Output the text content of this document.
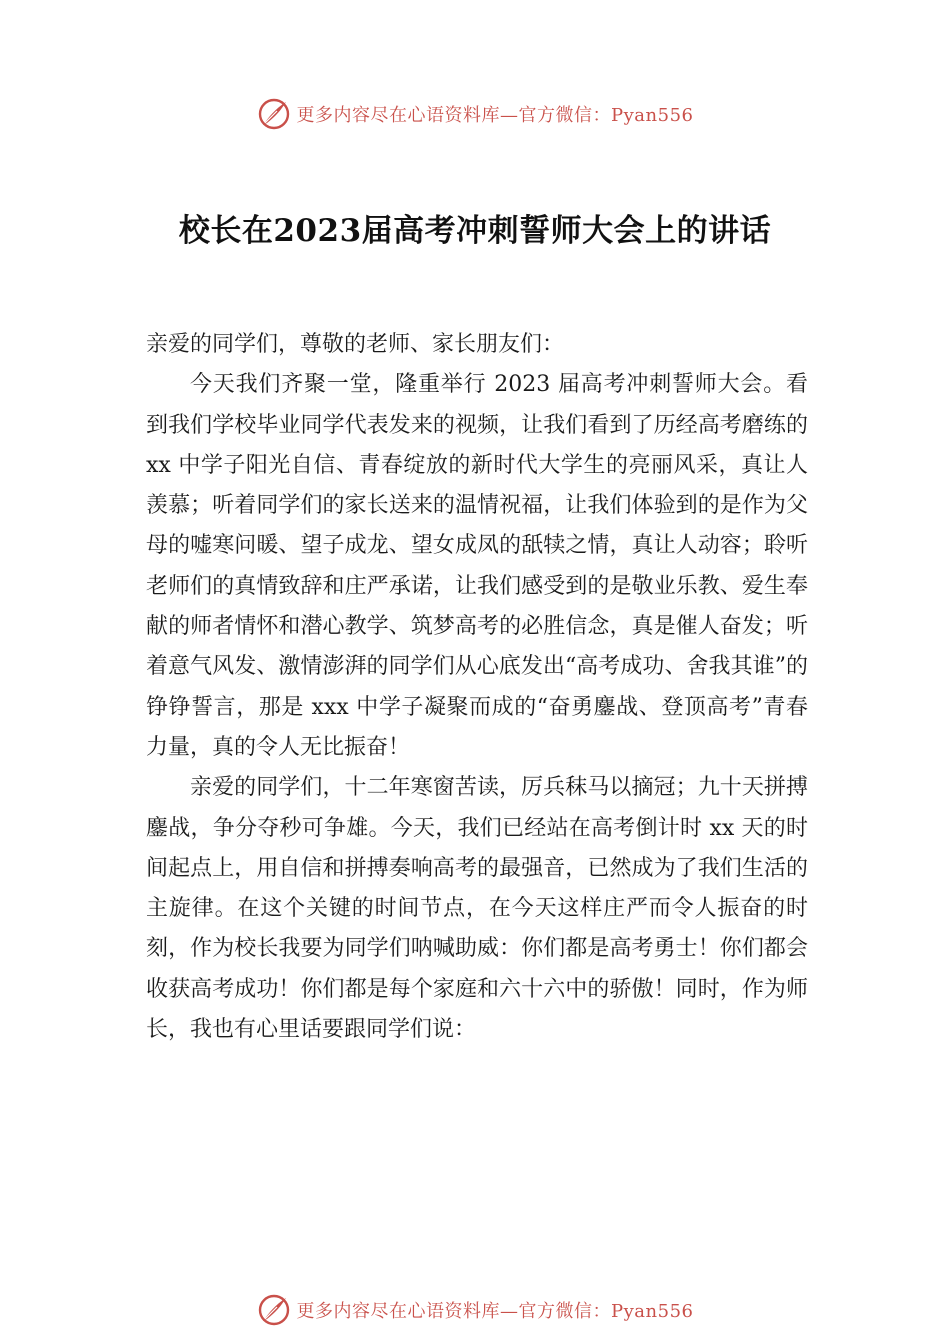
更多内容尽在心语资料库—官方微信：Pyan556
校长在2023届高考冲刺誓师大会上的讲话

亲爱的同学们，尊敬的老师、家长朋友们：

今天我们齐聚一堂，隆重举行 2023 届高考冲刺誓师大会。看到我们学校毕业同学代表发来的视频，让我们看到了历经高考磨练的 xx 中学子阳光自信、青春绽放的新时代大学生的亮丽风采，真让人羡慕；听着同学们的家长送来的温情祝福，让我们体验到的是作为父母的嘘寒问暖、望子成龙、望女成凤的舐犊之情，真让人动容；聆听老师们的真情致辞和庄严承诺，让我们感受到的是敬业乐教、爱生奉献的师者情怀和潜心教学、筑梦高考的必胜信念，真是催人奋发；听着意气风发、激情澎湃的同学们从心底发出“高考成功、舍我其谁”的铮铮誓言，那是 xxx 中学子凝聚而成的“奋勇鏖战、登顶高考”青春力量，真的令人无比振奋！

亲爱的同学们，十二年寒窗苦读，厉兵秣马以摘冠；九十天拼搏鏖战，争分夺秒可争雄。今天，我们已经站在高考倒计时 xx 天的时间起点上，用自信和拼搏奏响高考的最强音，已然成为了我们生活的主旋律。在这个关键的时间节点，在今天这样庄严而令人振奋的时刻，作为校长我要为同学们呐喊助威：你们都是高考勇士！你们都会收获高考成功！你们都是每个家庭和六十六中的骄傲！同时，作为师长，我也有心里话要跟同学们说：

更多内容尽在心语资料库—官方微信：Pyan556
